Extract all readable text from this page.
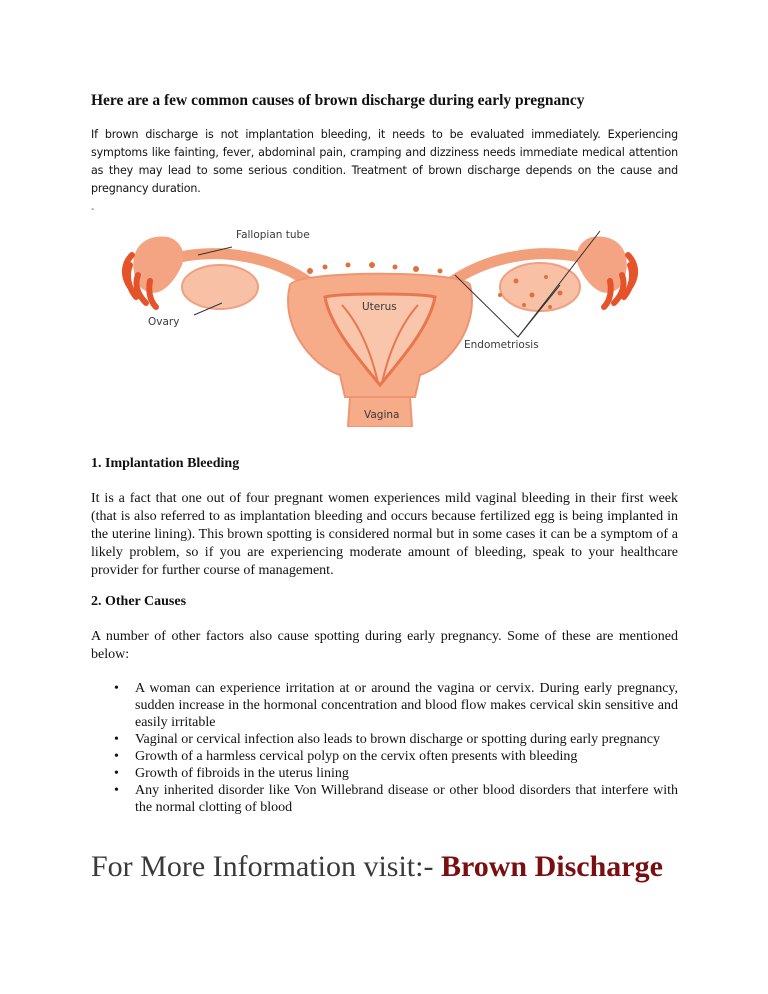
Here are a few common causes of brown discharge during early pregnancy

If brown discharge is not implantation bleeding, it needs to be evaluated immediately. Experiencing symptoms like fainting, fever, abdominal pain, cramping and dizziness needs immediate medical attention as they may lead to some serious condition. Treatment of brown discharge depends on the cause and pregnancy duration.

-
Fallopian tube
Ovary
Uterus
Endometriosis
Vagina
1. Implantation Bleeding

It is a fact that one out of four pregnant women experiences mild vaginal bleeding in their first week (that is also referred to as implantation bleeding and occurs because fertilized egg is being implanted in the uterine lining). This brown spotting is considered normal but in some cases it can be a symptom of a likely problem, so if you are experiencing moderate amount of bleeding, speak to your healthcare provider for further course of management.

2. Other Causes

A number of other factors also cause spotting during early pregnancy. Some of these are mentioned below:

• A woman can experience irritation at or around the vagina or cervix. During early pregnancy, sudden increase in the hormonal concentration and blood flow makes cervical skin sensitive and easily irritable
• Vaginal or cervical infection also leads to brown discharge or spotting during early pregnancy
• Growth of a harmless cervical polyp on the cervix often presents with bleeding
• Growth of fibroids in the uterus lining
• Any inherited disorder like Von Willebrand disease or other blood disorders that interfere with the normal clotting of blood

For More Information visit:- Brown Discharge
